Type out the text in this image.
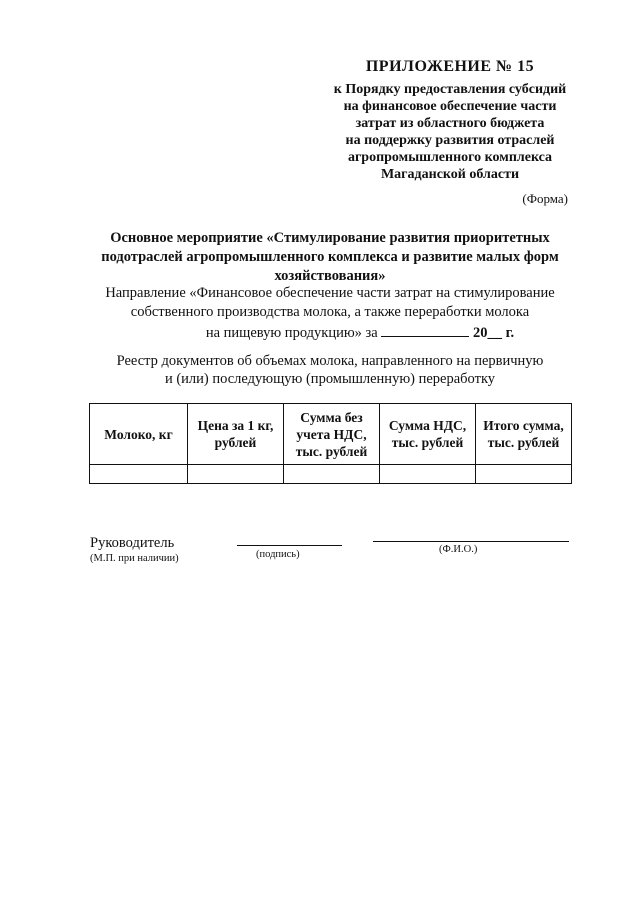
ПРИЛОЖЕНИЕ № 15
к Порядку предоставления субсидий
на финансовое обеспечение части
затрат из областного бюджета
на поддержку развития отраслей
агропромышленного комплекса
Магаданской области
(Форма)
Основное мероприятие «Стимулирование развития приоритетных
подотраслей агропромышленного комплекса и развитие малых форм
хозяйствования»
Направление «Финансовое обеспечение части затрат на стимулирование
собственного производства молока, а также переработки молока
на пищевую продукцию» за	20__ г.
Реестр документов об объемах молока, направленного на первичную
и (или) последующую (промышленную) переработку
Молоко, кг	Цена за 1 кг, рублей	Сумма без учета НДС, тыс. рублей	Сумма НДС, тыс. рублей	Итого сумма, тыс. рублей

Руководитель
(М.П. при наличии)	(подпись)	(Ф.И.О.)
